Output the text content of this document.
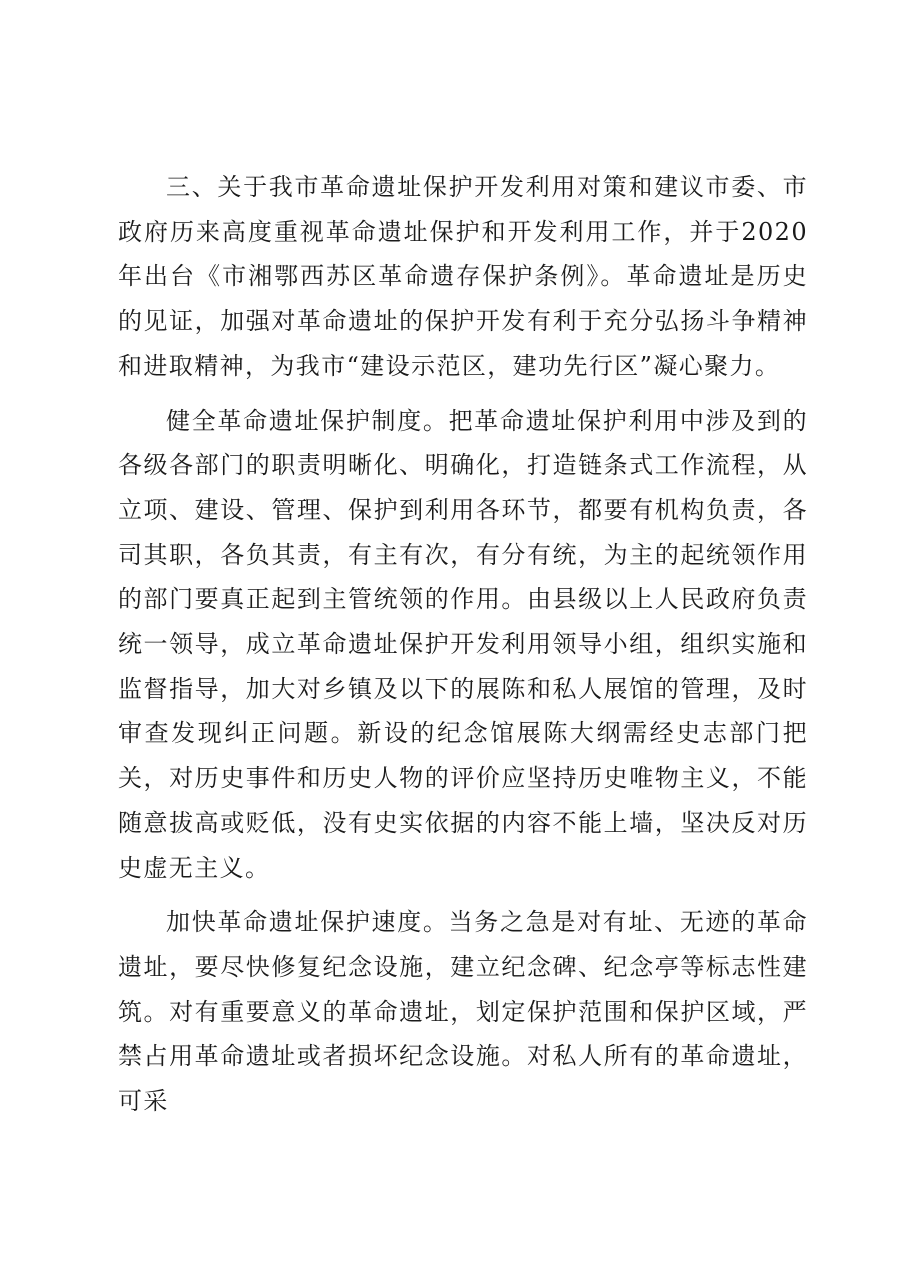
三、关于我市革命遗址保护开发利用对策和建议市委、市政府历来高度重视革命遗址保护和开发利用工作，并于2020年出台《市湘鄂西苏区革命遗存保护条例》。革命遗址是历史的见证，加强对革命遗址的保护开发有利于充分弘扬斗争精神和进取精神，为我市“建设示范区，建功先行区”凝心聚力。

健全革命遗址保护制度。把革命遗址保护利用中涉及到的各级各部门的职责明晰化、明确化，打造链条式工作流程，从立项、建设、管理、保护到利用各环节，都要有机构负责，各司其职，各负其责，有主有次，有分有统，为主的起统领作用的部门要真正起到主管统领的作用。由县级以上人民政府负责统一领导，成立革命遗址保护开发利用领导小组，组织实施和监督指导，加大对乡镇及以下的展陈和私人展馆的管理，及时审查发现纠正问题。新设的纪念馆展陈大纲需经史志部门把关，对历史事件和历史人物的评价应坚持历史唯物主义，不能随意拔高或贬低，没有史实依据的内容不能上墙，坚决反对历史虚无主义。

加快革命遗址保护速度。当务之急是对有址、无迹的革命遗址，要尽快修复纪念设施，建立纪念碑、纪念亭等标志性建筑。对有重要意义的革命遗址，划定保护范围和保护区域，严禁占用革命遗址或者损坏纪念设施。对私人所有的革命遗址，可采
